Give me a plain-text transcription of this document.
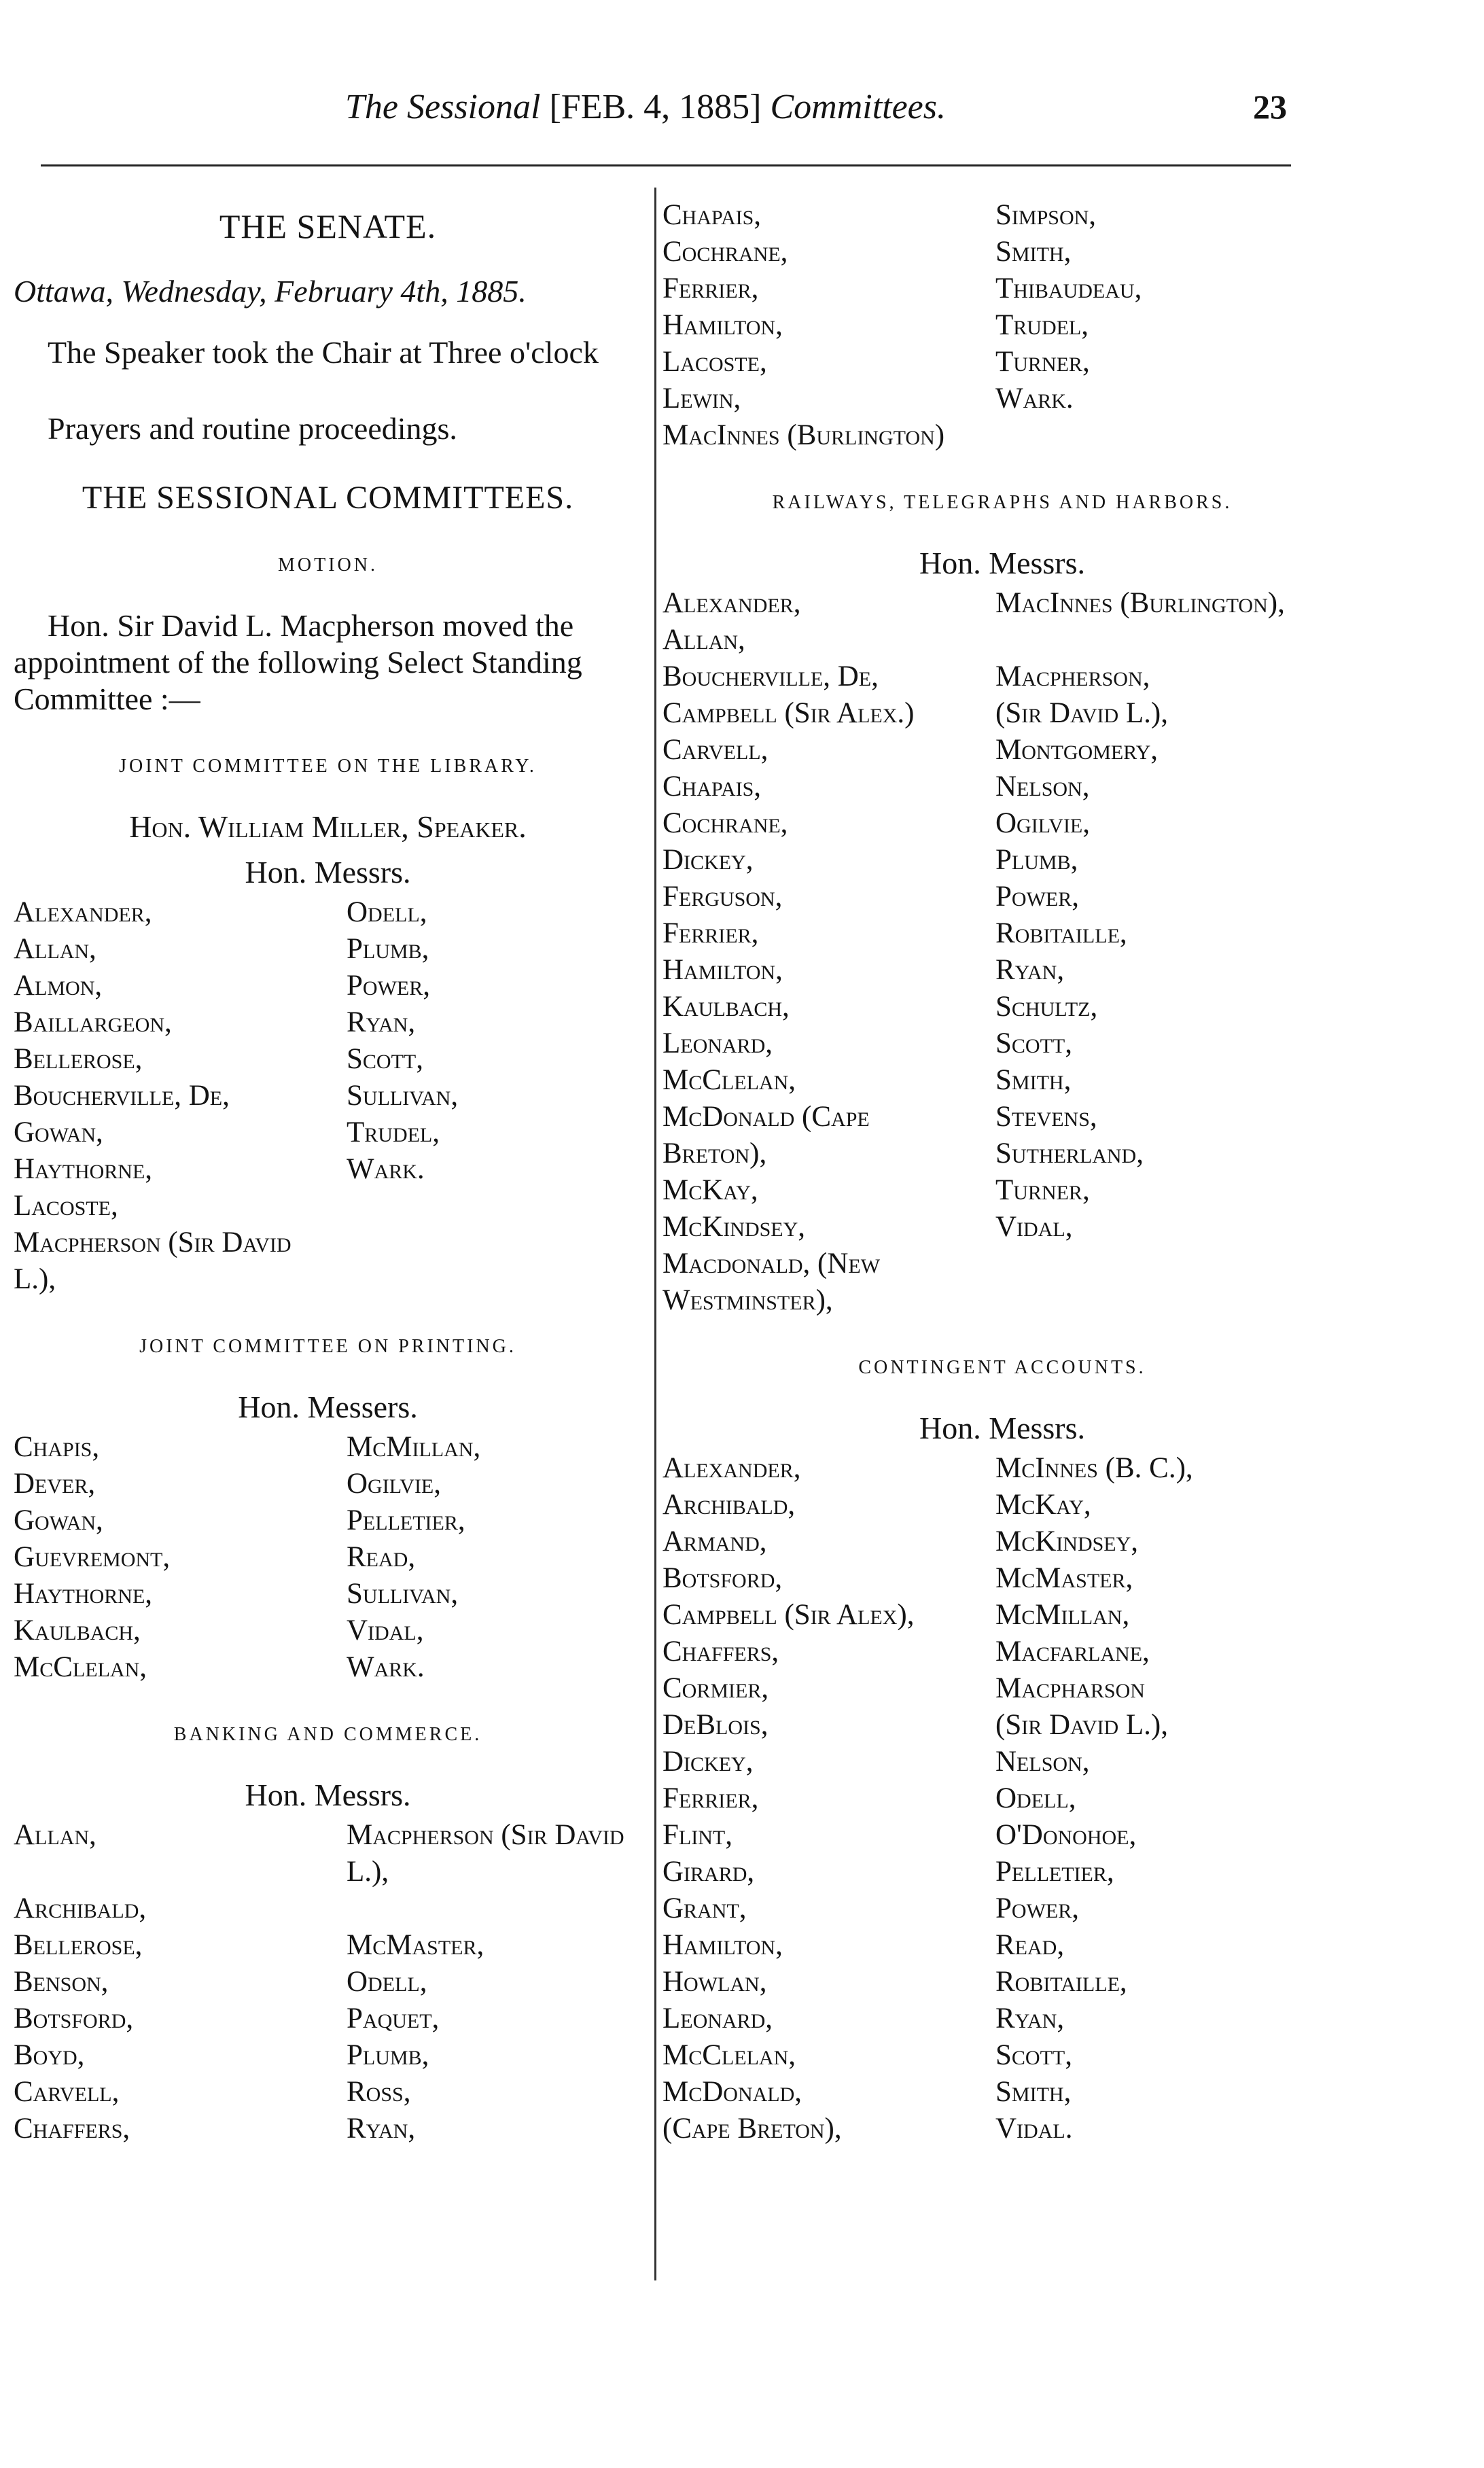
The Sessional [FEB. 4, 1885] Committees.	23
THE SENATE.
Ottawa, Wednesday, February 4th, 1885.

The Speaker took the Chair at Three o'clock

Prayers and routine proceedings.

THE SESSIONAL COMMITTEES.
MOTION.

Hon. Sir David L. Macpherson moved the appointment of the following Select Standing Committee :—

JOINT COMMITTEE ON THE LIBRARY.
Hon. William Miller, Speaker.
Hon. Messrs.
Alexander,	Odell,
Allan,	Plumb,
Almon,	Power,
Baillargeon,	Ryan,
Bellerose,	Scott,
Boucherville, De,	Sullivan,
Gowan,	Trudel,
Haythorne,	Wark.
Lacoste,
Macpherson (Sir David L.),
JOINT COMMITTEE ON PRINTING.
Hon. Messers.
Chapis,	McMillan,
Dever,	Ogilvie,
Gowan,	Pelletier,
Guevremont,	Read,
Haythorne,	Sullivan,
Kaulbach,	Vidal,
McClelan,	Wark.
BANKING AND COMMERCE.
Hon. Messrs.
Allan,	Macpherson (Sir David L.),
Archibald,
Bellerose,	McMaster,
Benson,	Odell,
Botsford,	Paquet,
Boyd,	Plumb,
Carvell,	Ross,
Chaffers,	Ryan,
Chapais,	Simpson,
Cochrane,	Smith,
Ferrier,	Thibaudeau,
Hamilton,	Trudel,
Lacoste,	Turner,
Lewin,	Wark.
MacInnes (Burlington)
RAILWAYS, TELEGRAPHS AND HARBORS.
Hon. Messrs.
Alexander,	MacInnes (Burlington),
Allan,
Boucherville, De,	Macpherson,
Campbell (Sir Alex.)	(Sir David L.),
Carvell,	Montgomery,
Chapais,	Nelson,
Cochrane,	Ogilvie,
Dickey,	Plumb,
Ferguson,	Power,
Ferrier,	Robitaille,
Hamilton,	Ryan,
Kaulbach,	Schultz,
Leonard,	Scott,
McClelan,	Smith,
McDonald (Cape	Stevens,
Breton),	Sutherland,
McKay,	Turner,
McKindsey,	Vidal,
Macdonald, (New Westminster),
CONTINGENT ACCOUNTS.
Hon. Messrs.
Alexander,	McInnes (B. C.),
Archibald,	McKay,
Armand,	McKindsey,
Botsford,	McMaster,
Campbell (Sir Alex),	McMillan,
Chaffers,	Macfarlane,
Cormier,	Macpharson
DeBlois,	(Sir David L.),
Dickey,	Nelson,
Ferrier,	Odell,
Flint,	O'Donohoe,
Girard,	Pelletier,
Grant,	Power,
Hamilton,	Read,
Howlan,	Robitaille,
Leonard,	Ryan,
McClelan,	Scott,
McDonald,	Smith,
(Cape Breton),	Vidal.
